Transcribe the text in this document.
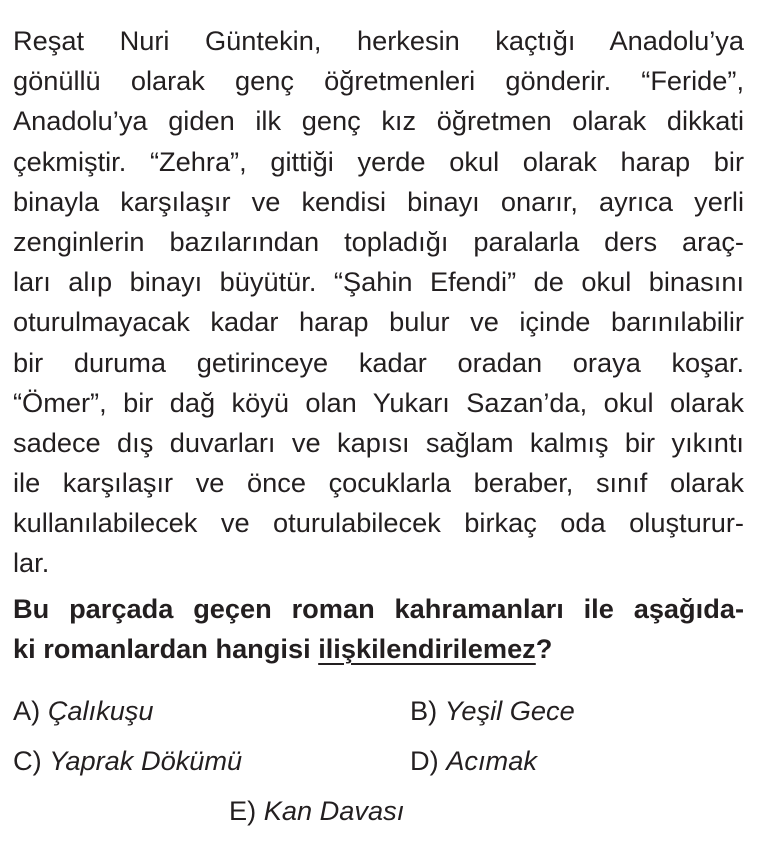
Reşat Nuri Güntekin, herkesin kaçtığı Anadolu’ya
gönüllü olarak genç öğretmenleri gönderir. “Feride”,
Anadolu’ya giden ilk genç kız öğretmen olarak dikkati
çekmiştir. “Zehra”, gittiği yerde okul olarak harap bir
binayla karşılaşır ve kendisi binayı onarır, ayrıca yerli
zenginlerin bazılarından topladığı paralarla ders araç-
ları alıp binayı büyütür. “Şahin Efendi” de okul binasını
oturulmayacak kadar harap bulur ve içinde barınılabilir
bir duruma getirinceye kadar oradan oraya koşar.
“Ömer”, bir dağ köyü olan Yukarı Sazan’da, okul olarak
sadece dış duvarları ve kapısı sağlam kalmış bir yıkıntı
ile karşılaşır ve önce çocuklarla beraber, sınıf olarak
kullanılabilecek ve oturulabilecek birkaç oda oluşturur-
lar.
Bu parçada geçen roman kahramanları ile aşağıda-
ki romanlardan hangisi ilişkilendirilemez?
A) Çalıkuşu	B) Yeşil Gece
C) Yaprak Dökümü	D) Acımak
E) Kan Davası
